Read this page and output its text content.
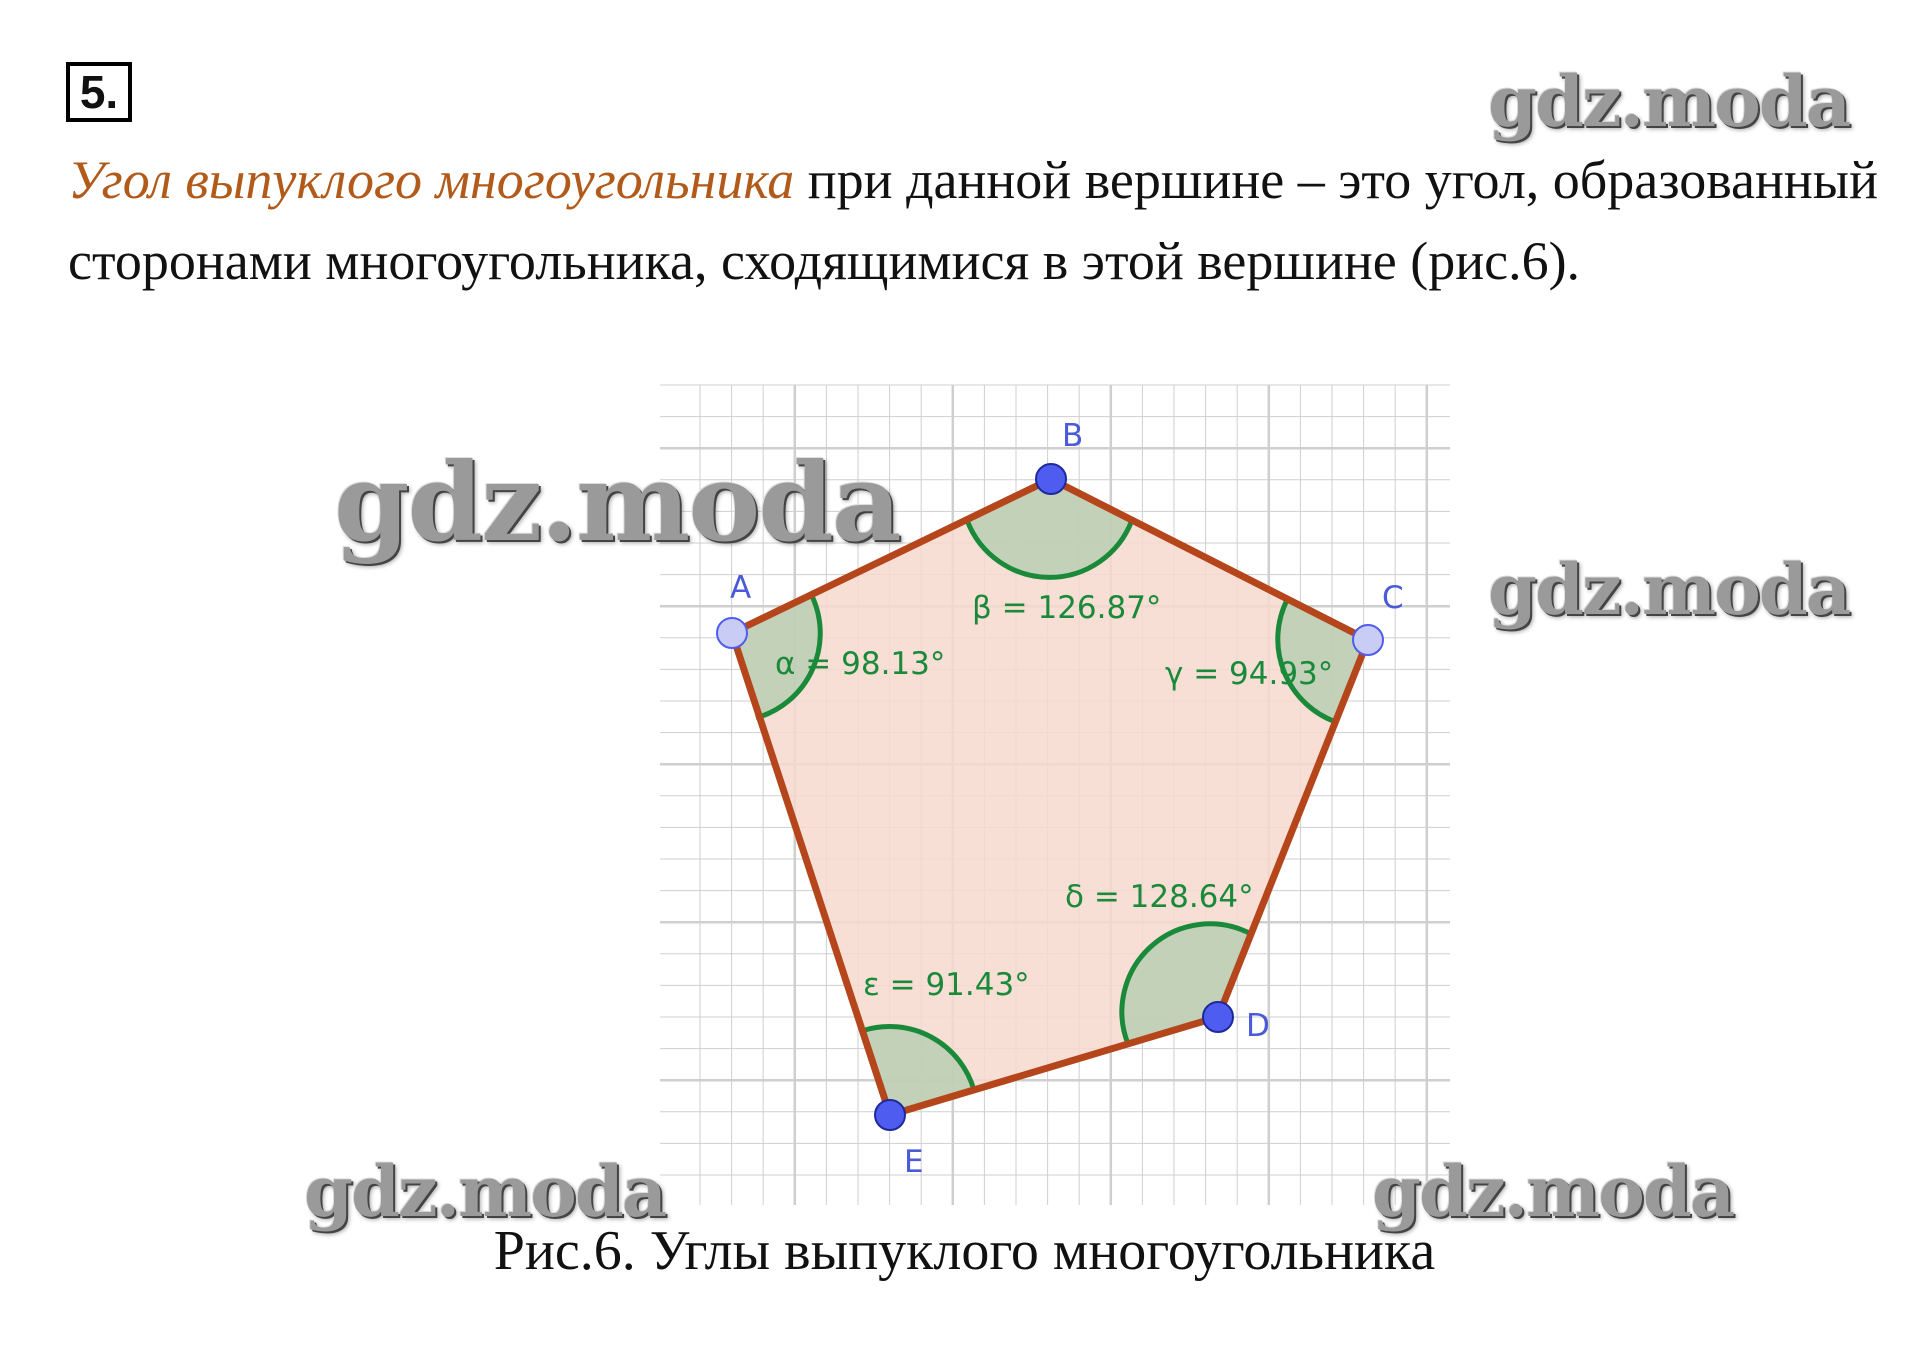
5.

Угол выпуклого многоугольника при данной вершине – это угол, образованный сторонами многоугольника, сходящимися в этой вершине (рис.6).

A
B
C
D
E
α = 98.13°
β = 126.87°
γ = 94.93°
δ = 128.64°
ε = 91.43°
gdz.moda
gdz.moda
gdz.moda
gdz.moda	gdz.moda
Рис.6. Углы выпуклого многоугольника
